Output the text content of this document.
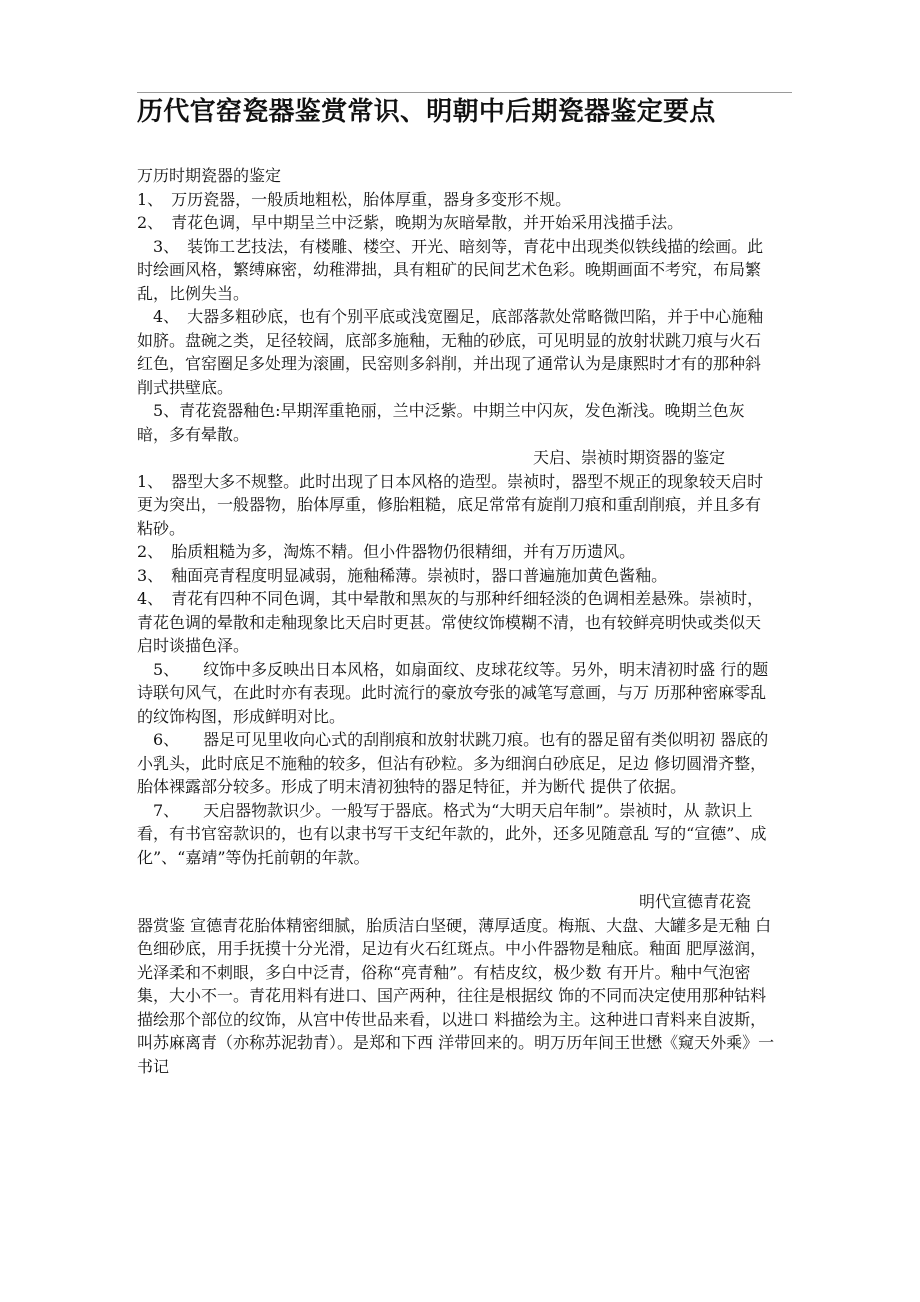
历代官窑瓷器鉴赏常识、明朝中后期瓷器鉴定要点

万历时期瓷器的鉴定

1、　万历瓷器，一般质地粗松，胎体厚重，器身多变形不规。

2、　青花色调，早中期呈兰中泛紫，晚期为灰暗晕散，并开始采用浅描手法。

3、　装饰工艺技法，有楼雕、楼空、开光、暗刻等，青花中出现类似铁线描的绘画。此时绘画风格，繁缚麻密，幼稚滞拙，具有粗矿的民间艺术色彩。晚期画面不考究，布局繁乱，比例失当。

4、　大器多粗砂底，也有个别平底或浅宽圈足，底部落款处常略微凹陷，并于中心施釉如脐。盘碗之类，足径较阔，底部多施釉，无釉的砂底，可见明显的放射状跳刀痕与火石红色，官窑圈足多处理为滚圃，民窑则多斜削，并出现了通常认为是康熙时才有的那种斜削式拱壁底。

5、青花瓷器釉色:早期浑重艳丽，兰中泛紫。中期兰中闪灰，发色渐浅。晚期兰色灰暗，多有晕散。

天启、崇祯时期资器的鉴定

1、　器型大多不规整。此时出现了日本风格的造型。崇祯时，器型不规正的现象较天启时更为突出，一般器物，胎体厚重，修胎粗糙，底足常常有旋削刀痕和重刮削痕，并且多有粘砂。

2、　胎质粗糙为多，淘炼不精。但小件器物仍很精细，并有万历遗风。

3、　釉面亮青程度明显减弱，施釉稀薄。崇祯时，器口普遍施加黄色酱釉。

4、　青花有四种不同色调，其中晕散和黑灰的与那种纤细轻淡的色调相差悬殊。崇祯时，青花色调的晕散和走釉现象比天启时更甚。常使纹饰模糊不清，也有较鲜亮明快或类似天启时谈描色泽。

5、　　纹饰中多反映出日本风格，如扇面纹、皮球花纹等。另外，明末清初时盛 行的题诗联句风气，在此时亦有表现。此时流行的豪放夸张的减笔写意画，与万 历那种密麻零乱的纹饰构图，形成鲜明对比。

6、　　器足可见里收向心式的刮削痕和放射状跳刀痕。也有的器足留有类似明初 器底的小乳头，此时底足不施釉的较多，但沾有砂粒。多为细润白砂底足，足边 修切圆滑齐整，胎体裸露部分较多。形成了明末清初独特的器足特征，并为断代 提供了依据。

7、　　天启器物款识少。一般写于器底。格式为“大明天启年制”。崇祯时，从 款识上看，有书官窑款识的，也有以隶书写干支纪年款的，此外，还多见随意乱 写的“宣德”、成化”、“嘉靖”等伪托前朝的年款。

明代宣德青花瓷

器赏鉴 宣德青花胎体精密细腻，胎质洁白坚硬，薄厚适度。梅瓶、大盘、大罐多是无釉 白色细砂底，用手抚摸十分光滑，足边有火石红斑点。中小件器物是釉底。釉面 肥厚滋润，光泽柔和不刺眼，多白中泛青，俗称“亮青釉”。有桔皮纹，极少数 有开片。釉中气泡密集，大小不一。青花用料有进口、国产两种，往往是根据纹 饰的不同而决定使用那种钴料描绘那个部位的纹饰，从宫中传世品来看，以进口 料描绘为主。这种进口青料来自波斯，叫苏麻离青（亦称苏泥勃青）。是郑和下西 洋带回来的。明万历年间王世懋《窥天外乘》一书记
